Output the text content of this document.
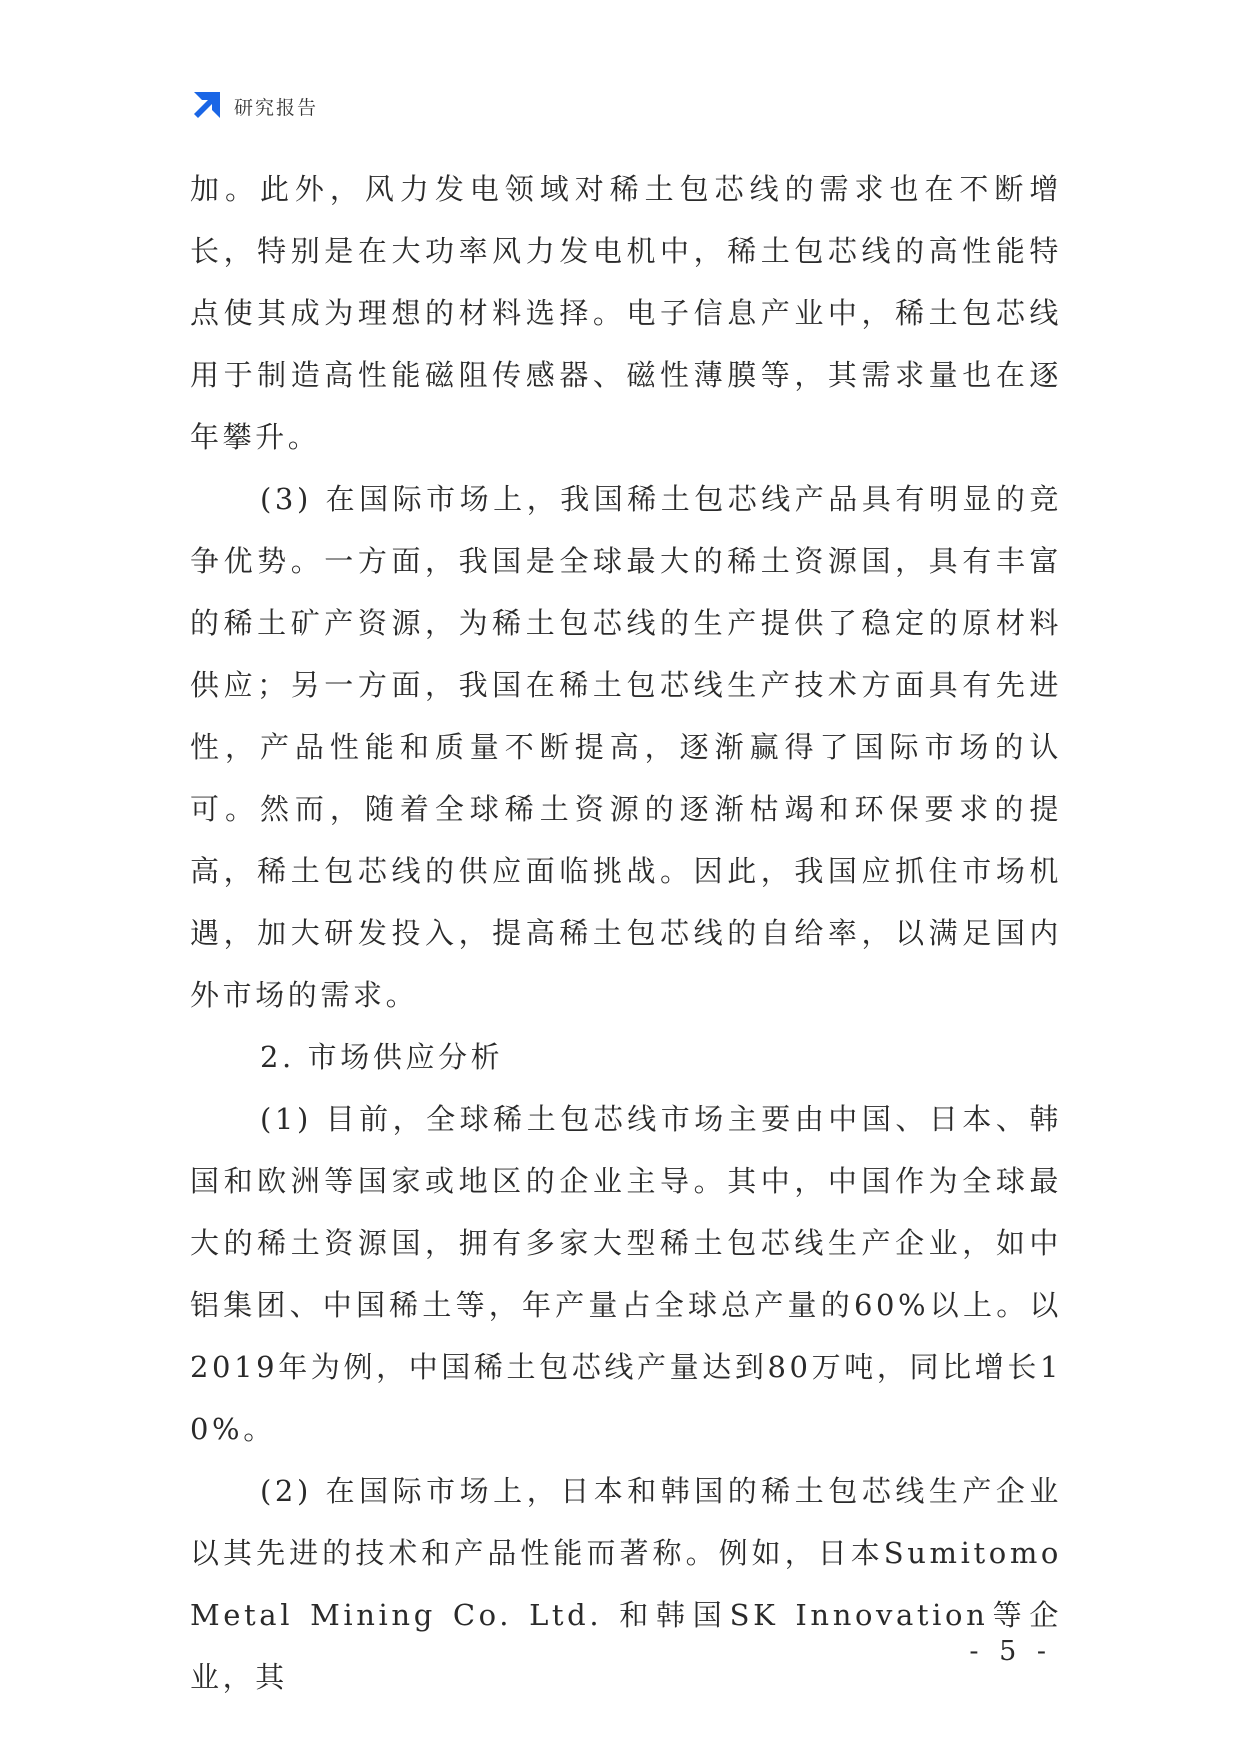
研究报告

加。此外，风力发电领域对稀土包芯线的需求也在不断增长，特别是在大功率风力发电机中，稀土包芯线的高性能特点使其成为理想的材料选择。电子信息产业中，稀土包芯线用于制造高性能磁阻传感器、磁性薄膜等，其需求量也在逐年攀升。

(3) 在国际市场上，我国稀土包芯线产品具有明显的竞争优势。一方面，我国是全球最大的稀土资源国，具有丰富的稀土矿产资源，为稀土包芯线的生产提供了稳定的原材料供应；另一方面，我国在稀土包芯线生产技术方面具有先进性，产品性能和质量不断提高，逐渐赢得了国际市场的认可。然而，随着全球稀土资源的逐渐枯竭和环保要求的提高，稀土包芯线的供应面临挑战。因此，我国应抓住市场机遇，加大研发投入，提高稀土包芯线的自给率，以满足国内外市场的需求。

2. 市场供应分析

(1) 目前，全球稀土包芯线市场主要由中国、日本、韩国和欧洲等国家或地区的企业主导。其中，中国作为全球最大的稀土资源国，拥有多家大型稀土包芯线生产企业，如中铝集团、中国稀土等，年产量占全球总产量的60%以上。以2019年为例，中国稀土包芯线产量达到80万吨，同比增长10%。

(2) 在国际市场上，日本和韩国的稀土包芯线生产企业以其先进的技术和产品性能而著称。例如，日本Sumitomo Metal Mining Co. Ltd. 和韩国SK Innovation等企业，其

- 5 -
